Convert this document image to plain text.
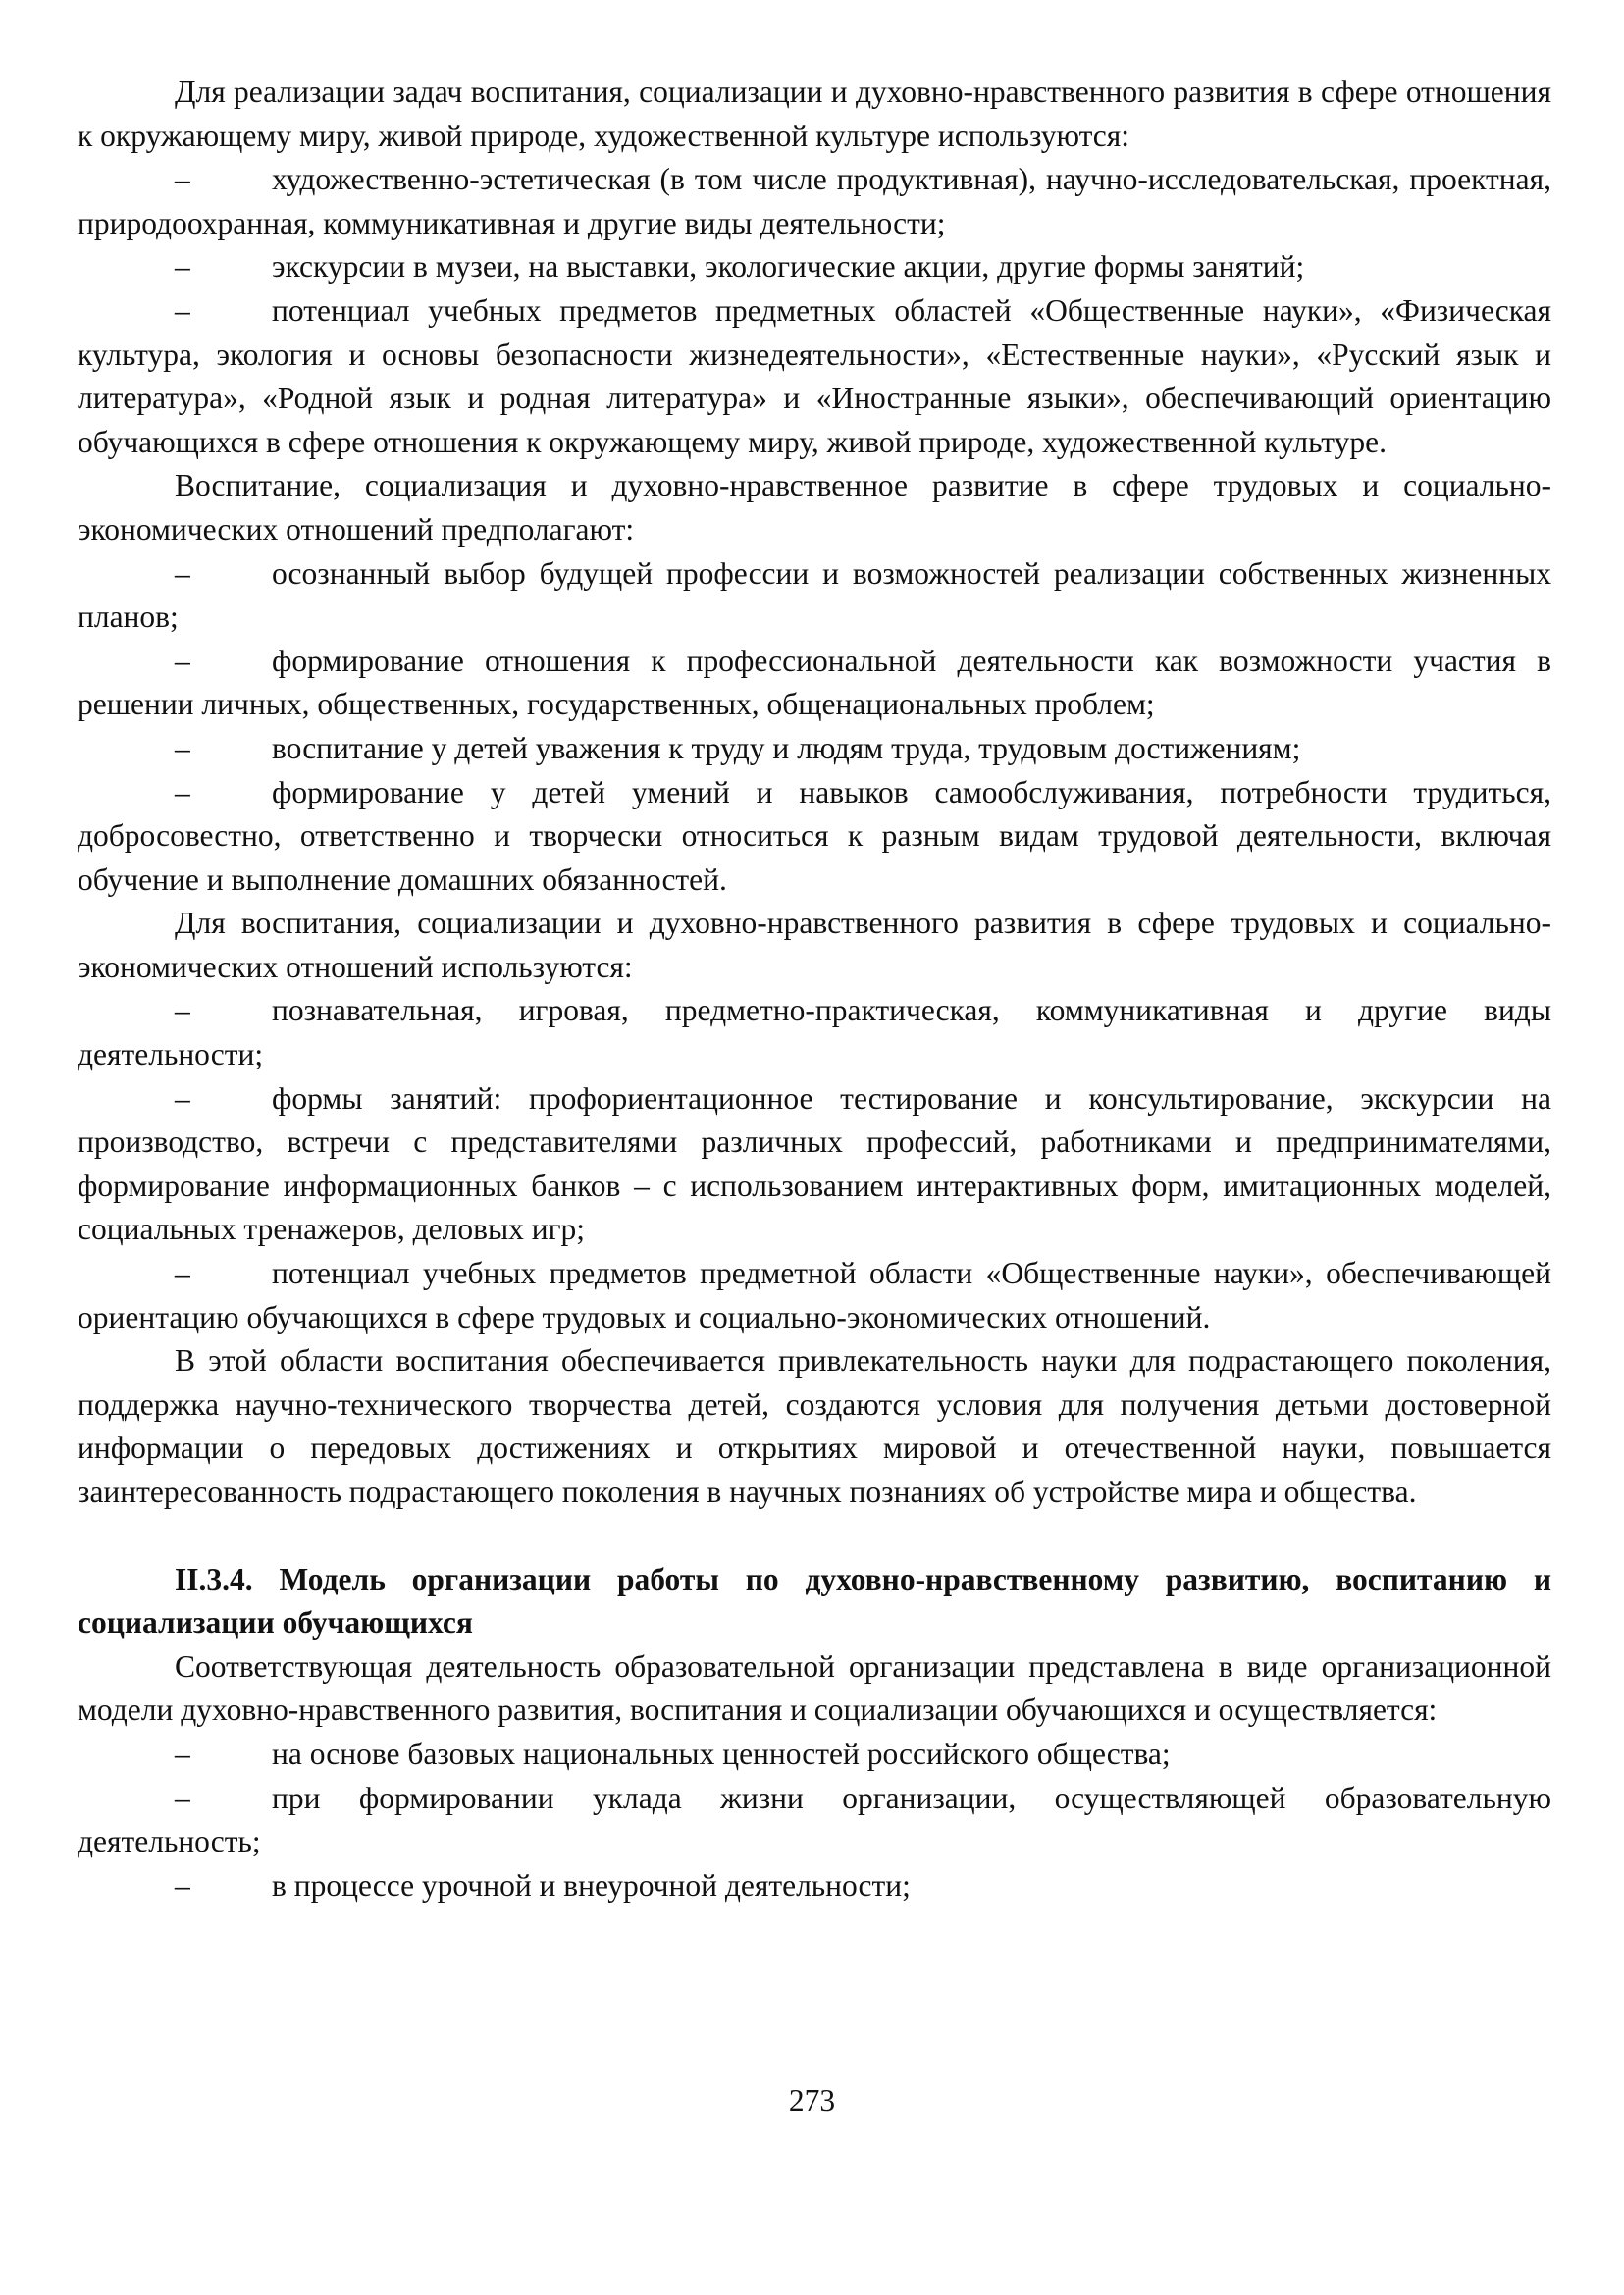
Для реализации задач воспитания, социализации и духовно-нравственного развития в сфере отношения к окружающему миру, живой природе, художественной культуре используются:

–	художественно-эстетическая (в том числе продуктивная), научно-исследовательская, проектная, природоохранная, коммуникативная и другие виды деятельности;

–	экскурсии в музеи, на выставки, экологические акции, другие формы занятий;

–	потенциал учебных предметов предметных областей «Общественные науки», «Физическая культура, экология и основы безопасности жизнедеятельности», «Естественные науки», «Русский язык и литература», «Родной язык и родная литература» и «Иностранные языки», обеспечивающий ориентацию обучающихся в сфере отношения к окружающему миру, живой природе, художественной культуре.

Воспитание, социализация и духовно-нравственное развитие в сфере трудовых и социально-экономических отношений предполагают:

–	осознанный выбор будущей профессии и возможностей реализации собственных жизненных планов;

–	формирование отношения к профессиональной деятельности как возможности участия в решении личных, общественных, государственных, общенациональных проблем;

–	воспитание у детей уважения к труду и людям труда, трудовым достижениям;

–	формирование у детей умений и навыков самообслуживания, потребности трудиться, добросовестно, ответственно и творчески относиться к разным видам трудовой деятельности, включая обучение и выполнение домашних обязанностей.

Для воспитания, социализации и духовно-нравственного развития в сфере трудовых и социально-экономических отношений используются:

–	познавательная, игровая, предметно-практическая, коммуникативная и другие виды деятельности;

–	формы занятий: профориентационное тестирование и консультирование, экскурсии на производство, встречи с представителями различных профессий, работниками и предпринимателями, формирование информационных банков – с использованием интерактивных форм, имитационных моделей, социальных тренажеров, деловых игр;

–	потенциал учебных предметов предметной области «Общественные науки», обеспечивающей ориентацию обучающихся в сфере трудовых и социально-экономических отношений.

В этой области воспитания обеспечивается привлекательность науки для подрастающего поколения, поддержка научно-технического творчества детей, создаются условия для получения детьми достоверной информации о передовых достижениях и открытиях мировой и отечественной науки, повышается заинтересованность подрастающего поколения в научных познаниях об устройстве мира и общества.

II.3.4. Модель организации работы по духовно-нравственному развитию, воспитанию и социализации обучающихся

Соответствующая деятельность образовательной организации представлена в виде организационной модели духовно-нравственного развития, воспитания и социализации обучающихся и осуществляется:

–	на основе базовых национальных ценностей российского общества;

–	при формировании уклада жизни организации, осуществляющей образовательную деятельность;

–	в процессе урочной и внеурочной деятельности;

273
